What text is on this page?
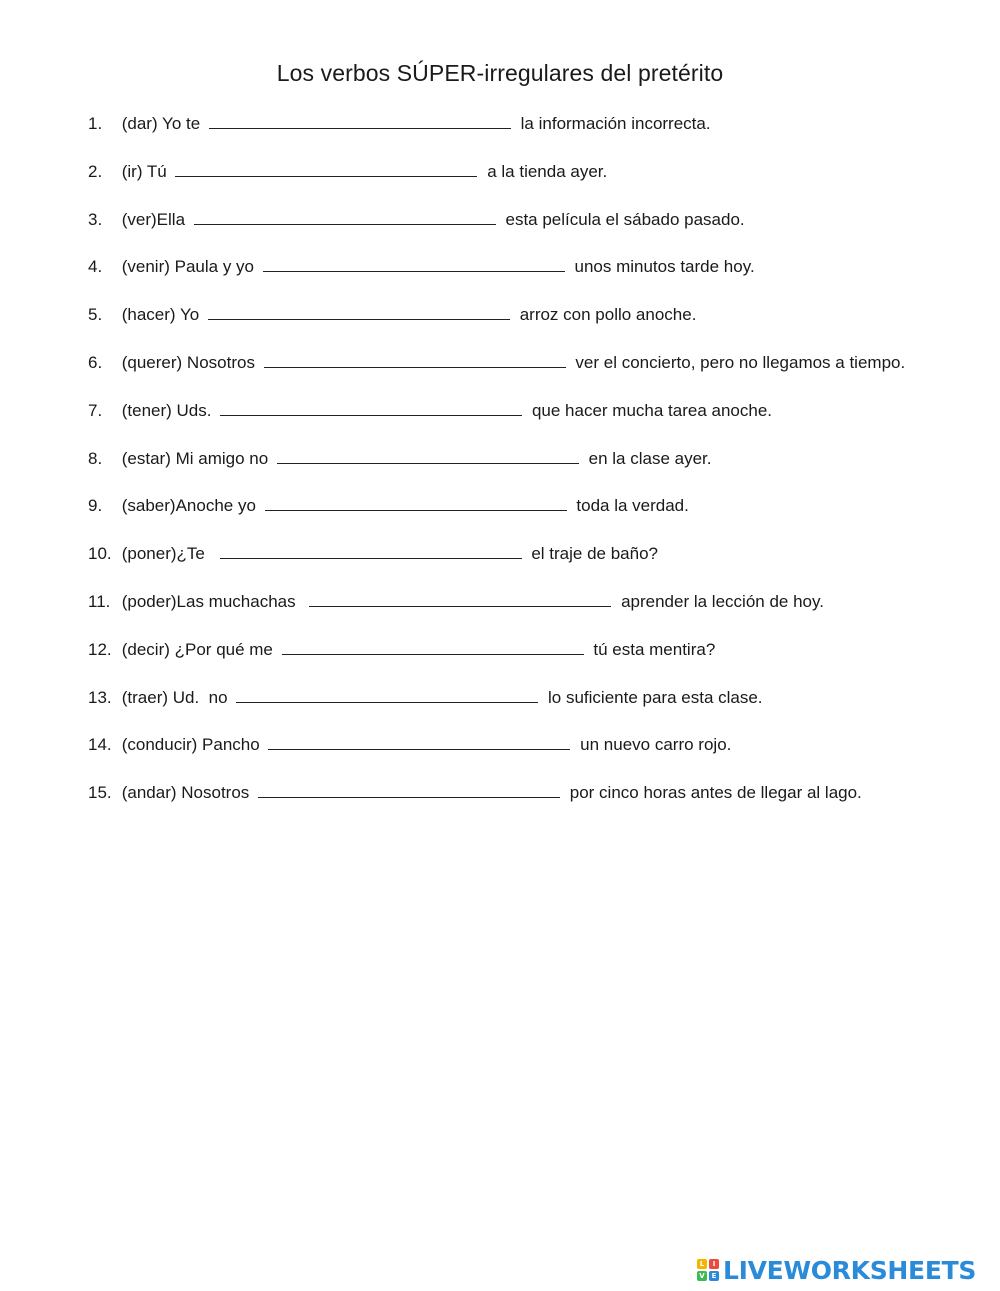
Los verbos SÚPER-irregulares del pretérito
1. (dar) Yo te	la información incorrecta.
2. (ir) Tú	a la tienda ayer.
3. (ver)Ella	esta película el sábado pasado.
4. (venir) Paula y yo	unos minutos tarde hoy.
5. (hacer) Yo	arroz con pollo anoche.
6. (querer) Nosotros	ver el concierto, pero no llegamos a tiempo.
7. (tener) Uds.	que hacer mucha tarea anoche.
8. (estar) Mi amigo no	en la clase ayer.
9. (saber)Anoche yo	toda la verdad.
10. (poner)¿Te	el traje de baño?
11. (poder)Las muchachas	aprender la lección de hoy.
12. (decir) ¿Por qué me	tú esta mentira?
13. (traer) Ud.  no	lo suficiente para esta clase.
14. (conducir) Pancho	un nuevo carro rojo.
15. (andar) Nosotros	por cinco horas antes de llegar al lago.
L	I
V E LIVEWORKSHEETS
